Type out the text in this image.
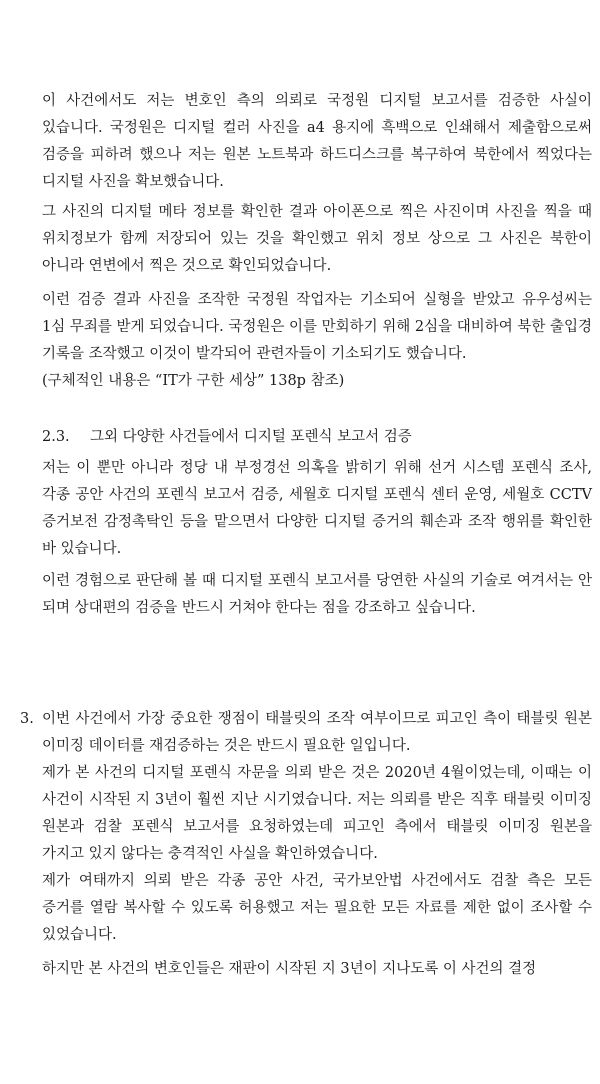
이 사건에서도 저는 변호인 측의 의뢰로 국정원 디지털 보고서를 검증한 사실이 있습니다. 국정원은 디지털 컬러 사진을 a4 용지에 흑백으로 인쇄해서 제출함으로써 검증을 피하려 했으나 저는 원본 노트북과 하드디스크를 복구하여 북한에서 찍었다는 디지털 사진을 확보했습니다.

그 사진의 디지털 메타 정보를 확인한 결과 아이폰으로 찍은 사진이며 사진을 찍을 때 위치정보가 함께 저장되어 있는 것을 확인했고 위치 정보 상으로 그 사진은 북한이 아니라 연변에서 찍은 것으로 확인되었습니다.

이런 검증 결과 사진을 조작한 국정원 작업자는 기소되어 실형을 받았고 유우성씨는 1심 무죄를 받게 되었습니다. 국정원은 이를 만회하기 위해 2심을 대비하여 북한 출입경 기록을 조작했고 이것이 발각되어 관련자들이 기소되기도 했습니다.

(구체적인 내용은 “IT가 구한 세상” 138p 참조)

2.3. 그외 다양한 사건들에서 디지털 포렌식 보고서 검증

저는 이 뿐만 아니라 정당 내 부정경선 의혹을 밝히기 위해 선거 시스템 포렌식 조사, 각종 공안 사건의 포렌식 보고서 검증, 세월호 디지털 포렌식 센터 운영, 세월호 CCTV 증거보전 감정촉탁인 등을 맡으면서 다양한 디지털 증거의 훼손과 조작 행위를 확인한 바 있습니다.

이런 경험으로 판단해 볼 때 디지털 포렌식 보고서를 당연한 사실의 기술로 여겨서는 안 되며 상대편의 검증을 반드시 거쳐야 한다는 점을 강조하고 싶습니다.

3. 이번 사건에서 가장 중요한 쟁점이 태블릿의 조작 여부이므로 피고인 측이 태블릿 원본 이미징 데이터를 재검증하는 것은 반드시 필요한 일입니다.

제가 본 사건의 디지털 포렌식 자문을 의뢰 받은 것은 2020년 4월이었는데, 이때는 이 사건이 시작된 지 3년이 훨씬 지난 시기였습니다. 저는 의뢰를 받은 직후 태블릿 이미징 원본과 검찰 포렌식 보고서를 요청하였는데 피고인 측에서 태블릿 이미징 원본을 가지고 있지 않다는 충격적인 사실을 확인하였습니다.

제가 여태까지 의뢰 받은 각종 공안 사건, 국가보안법 사건에서도 검찰 측은 모든 증거를 열람 복사할 수 있도록 허용했고 저는 필요한 모든 자료를 제한 없이 조사할 수 있었습니다.

하지만 본 사건의 변호인들은 재판이 시작된 지 3년이 지나도록 이 사건의 결정
